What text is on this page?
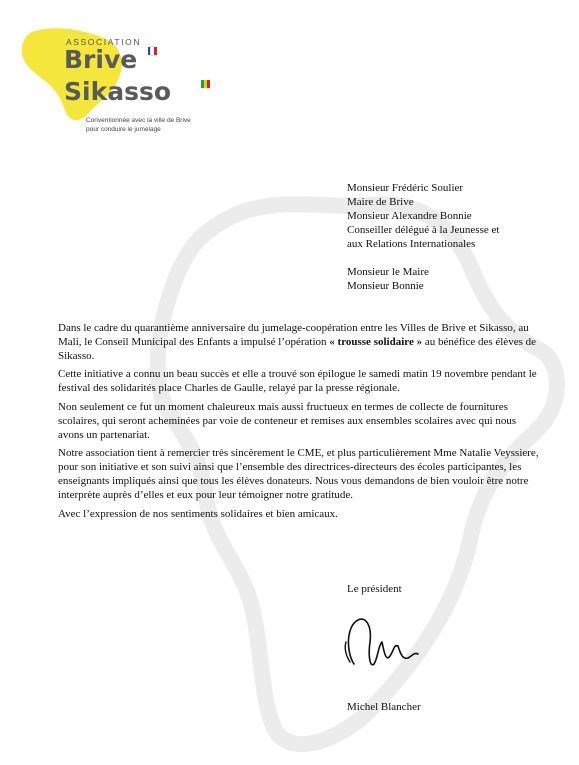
ASSOCIATION
Brive
Sikasso
Conventionnée avec la ville de Brive
pour conduire le jumelage
Monsieur Frédéric Soulier
Maire de Brive
Monsieur Alexandre Bonnie
Conseiller délégué à la Jeunesse et
aux Relations Internationales
Monsieur le Maire
Monsieur Bonnie

Dans le cadre du quarantième anniversaire du jumelage-coopération entre les Villes de Brive et Sikasso, au Mali, le Conseil Municipal des Enfants a impulsé l’opération « trousse solidaire » au bénéfice des élèves de Sikasso.

Cette initiative a connu un beau succès et elle a trouvé son épilogue le samedi matin 19 novembre pendant le festival des solidarités place Charles de Gaulle, relayé par la presse régionale.

Non seulement ce fut un moment chaleureux mais aussi fructueux en termes de collecte de fournitures scolaires, qui seront acheminées par voie de conteneur et remises aux ensembles scolaires avec qui nous avons un partenariat.

Notre association tient à remercier très sincèrement le CME, et plus particulièrement Mme Natalie Veyssiere, pour son initiative et son suivi ainsi que l’ensemble des directrices-directeurs des écoles participantes, les enseignants impliqués ainsi que tous les élèves donateurs. Nous vous demandons de bien vouloir être notre interprète auprès d’elles et eux pour leur témoigner notre gratitude.

Avec l’expression de nos sentiments solidaires et bien amicaux.

Le président
Michel Blancher
